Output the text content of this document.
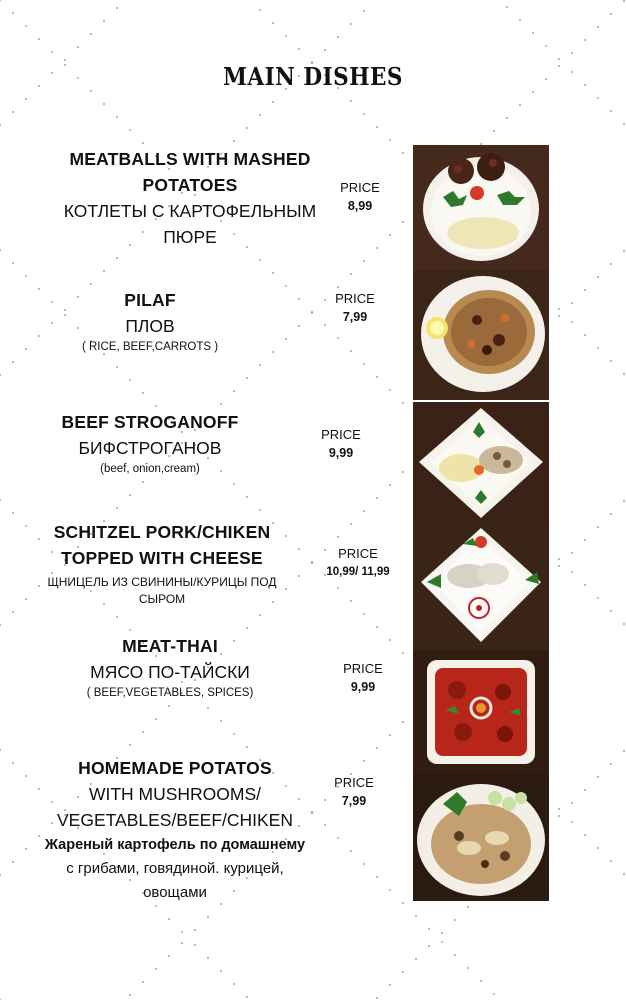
MAIN DISHES
MEATBALLS WITH MASHED
POTATOES
КОТЛЕТЫ С КАРТОФЕЛЬНЫМ
ПЮРЕ
PRICE
8,99
PILAF
ПЛОВ
( RICE, BEEF,CARROTS )
PRICE
7,99
BEEF STROGANOFF
БИФСТРОГАНОВ
(beef, onion,cream)
PRICE
9,99
SCHITZEL PORK/CHIKEN
TOPPED WITH CHEESE
ЩНИЦЕЛЬ ИЗ СВИНИНЫ/КУРИЦЫ ПОД
СЫРОМ
PRICE
10,99/ 11,99
MEAT-THAI
МЯСО ПО-ТАЙСКИ
( BEEF,VEGETABLES, SPICES)
PRICE
9,99
HOMEMADE POTATOS
WITH MUSHROOMS/
VEGETABLES/BEEF/CHIKEN
Жареный картофель по домашнему
с грибами, говядиной. курицей,
овощами
PRICE
7,99
